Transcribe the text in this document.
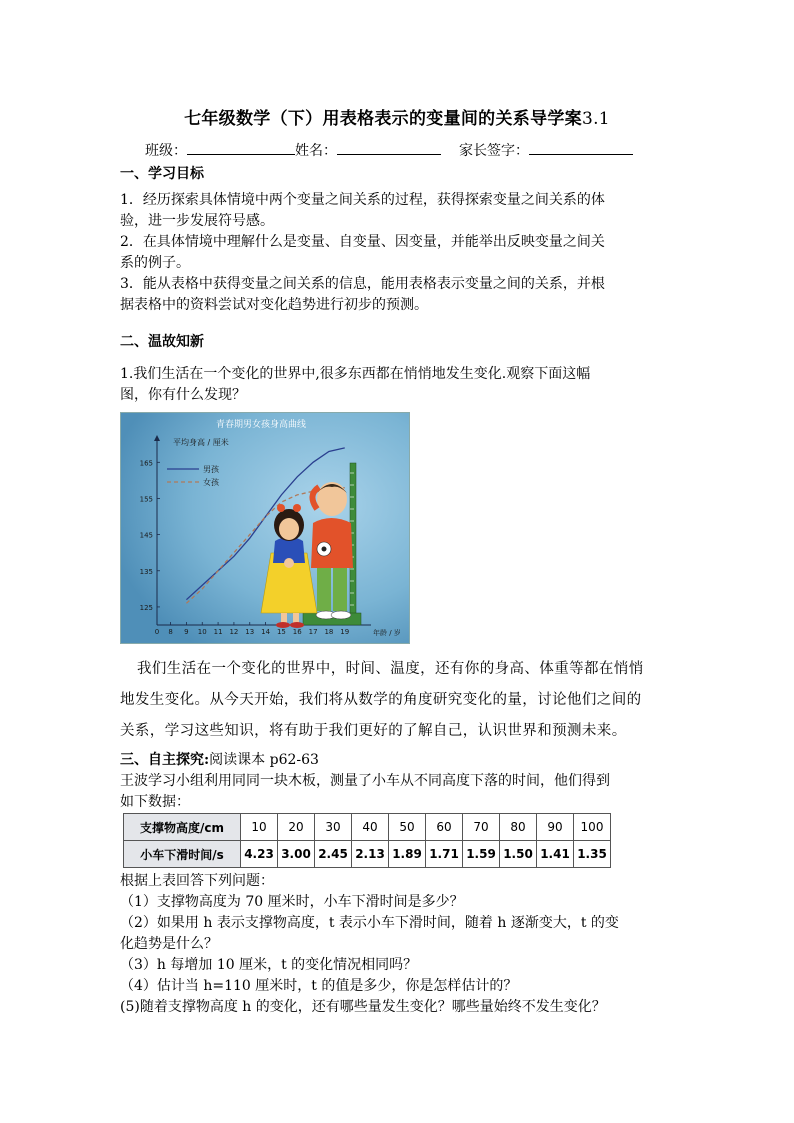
七年级数学（下）用表格表示的变量间的关系导学案3.1
班级：	姓名：	家长签字：
一、学习目标
1．经历探索具体情境中两个变量之间关系的过程，获得探索变量之间关系的体
验，进一步发展符号感。
2．在具体情境中理解什么是变量、自变量、因变量，并能举出反映变量之间关
系的例子。
3．能从表格中获得变量之间关系的信息，能用表格表示变量之间的关系，并根
据表格中的资料尝试对变化趋势进行初步的预测。
二、温故知新
1.我们生活在一个变化的世界中,很多东西都在悄悄地发生变化.观察下面这幅
图，你有什么发现？
青春期男女孩身高曲线
平均身高 / 厘米
年龄 / 岁
男孩
女孩
0 8 9 10 11 12 13 14 15 16 17 18 19
125
135
145
155
165
我们生活在一个变化的世界中，时间、温度，还有你的身高、体重等都在悄悄
地发生变化。从今天开始，我们将从数学的角度研究变化的量，讨论他们之间的
关系，学习这些知识，将有助于我们更好的了解自己，认识世界和预测未来。
三、自主探究:阅读课本 p62-63
王波学习小组利用同同一块木板，测量了小车从不同高度下落的时间，他们得到
如下数据：
支撑物高度/cm	10	20	30	40	50	60	70	80	90	100
小车下滑时间/s	4.23	3.00	2.45	2.13	1.89	1.71	1.59	1.50	1.41	1.35
根据上表回答下列问题：
（1）支撑物高度为 70 厘米时，小车下滑时间是多少？
（2）如果用 h 表示支撑物高度，t 表示小车下滑时间，随着 h 逐渐变大，t 的变
化趋势是什么？
（3）h 每增加 10 厘米，t 的变化情况相同吗？
（4）估计当 h=110 厘米时，t 的值是多少，你是怎样估计的？
(5)随着支撑物高度 h 的变化，还有哪些量发生变化？哪些量始终不发生变化？
